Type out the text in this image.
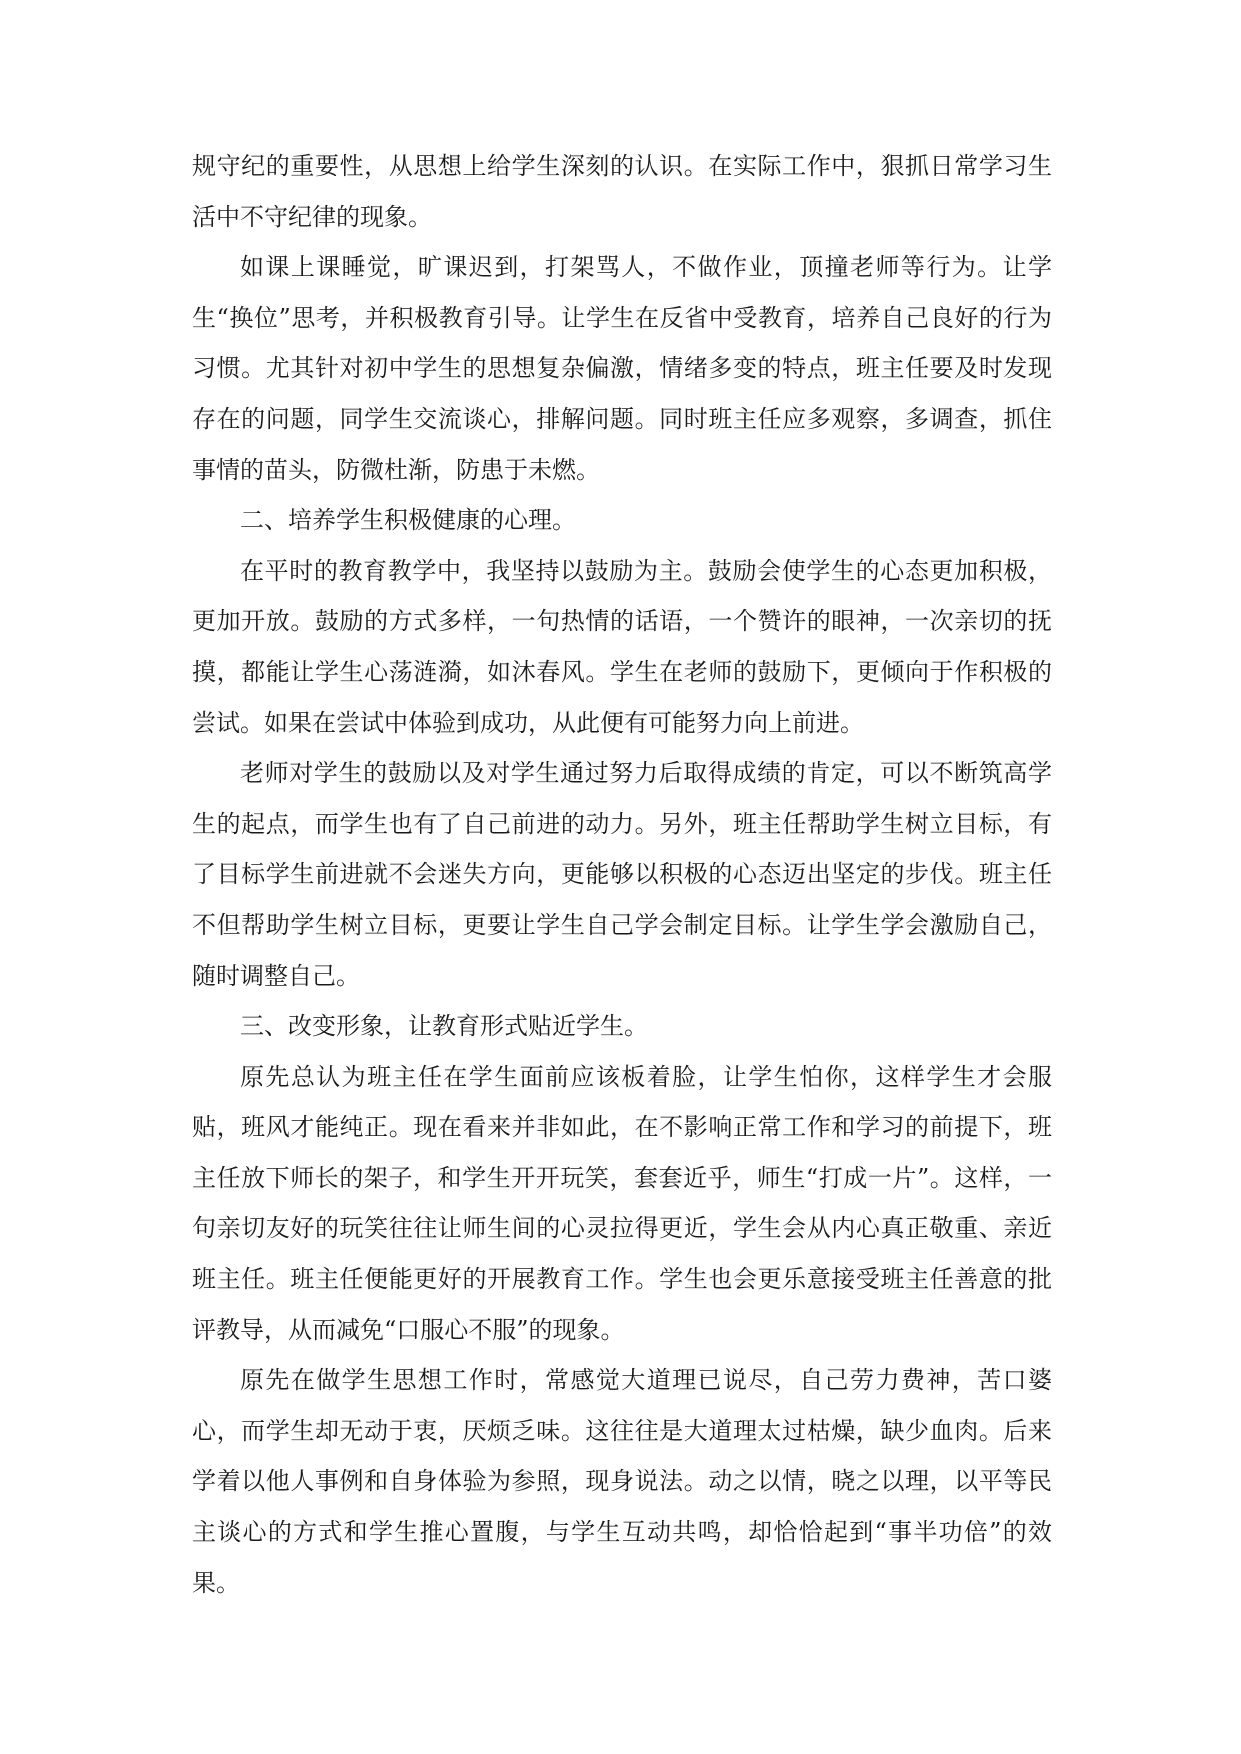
规守纪的重要性，从思想上给学生深刻的认识。在实际工作中，狠抓日常学习生活中不守纪律的现象。

如课上课睡觉，旷课迟到，打架骂人，不做作业，顶撞老师等行为。让学生“换位”思考，并积极教育引导。让学生在反省中受教育，培养自己良好的行为习惯。尤其针对初中学生的思想复杂偏激，情绪多变的特点，班主任要及时发现存在的问题，同学生交流谈心，排解问题。同时班主任应多观察，多调查，抓住事情的苗头，防微杜渐，防患于未燃。

二、培养学生积极健康的心理。

在平时的教育教学中，我坚持以鼓励为主。鼓励会使学生的心态更加积极，更加开放。鼓励的方式多样，一句热情的话语，一个赞许的眼神，一次亲切的抚摸，都能让学生心荡涟漪，如沐春风。学生在老师的鼓励下，更倾向于作积极的尝试。如果在尝试中体验到成功，从此便有可能努力向上前进。

老师对学生的鼓励以及对学生通过努力后取得成绩的肯定，可以不断筑高学生的起点，而学生也有了自己前进的动力。另外，班主任帮助学生树立目标，有了目标学生前进就不会迷失方向，更能够以积极的心态迈出坚定的步伐。班主任不但帮助学生树立目标，更要让学生自己学会制定目标。让学生学会激励自己，随时调整自己。

三、改变形象，让教育形式贴近学生。

原先总认为班主任在学生面前应该板着脸，让学生怕你，这样学生才会服贴，班风才能纯正。现在看来并非如此，在不影响正常工作和学习的前提下，班主任放下师长的架子，和学生开开玩笑，套套近乎，师生“打成一片”。这样，一句亲切友好的玩笑往往让师生间的心灵拉得更近，学生会从内心真正敬重、亲近班主任。班主任便能更好的开展教育工作。学生也会更乐意接受班主任善意的批评教导，从而减免“口服心不服”的现象。

原先在做学生思想工作时，常感觉大道理已说尽，自己劳力费神，苦口婆心，而学生却无动于衷，厌烦乏味。这往往是大道理太过枯燥，缺少血肉。后来学着以他人事例和自身体验为参照，现身说法。动之以情，晓之以理，以平等民主谈心的方式和学生推心置腹，与学生互动共鸣，却恰恰起到“事半功倍”的效果。
